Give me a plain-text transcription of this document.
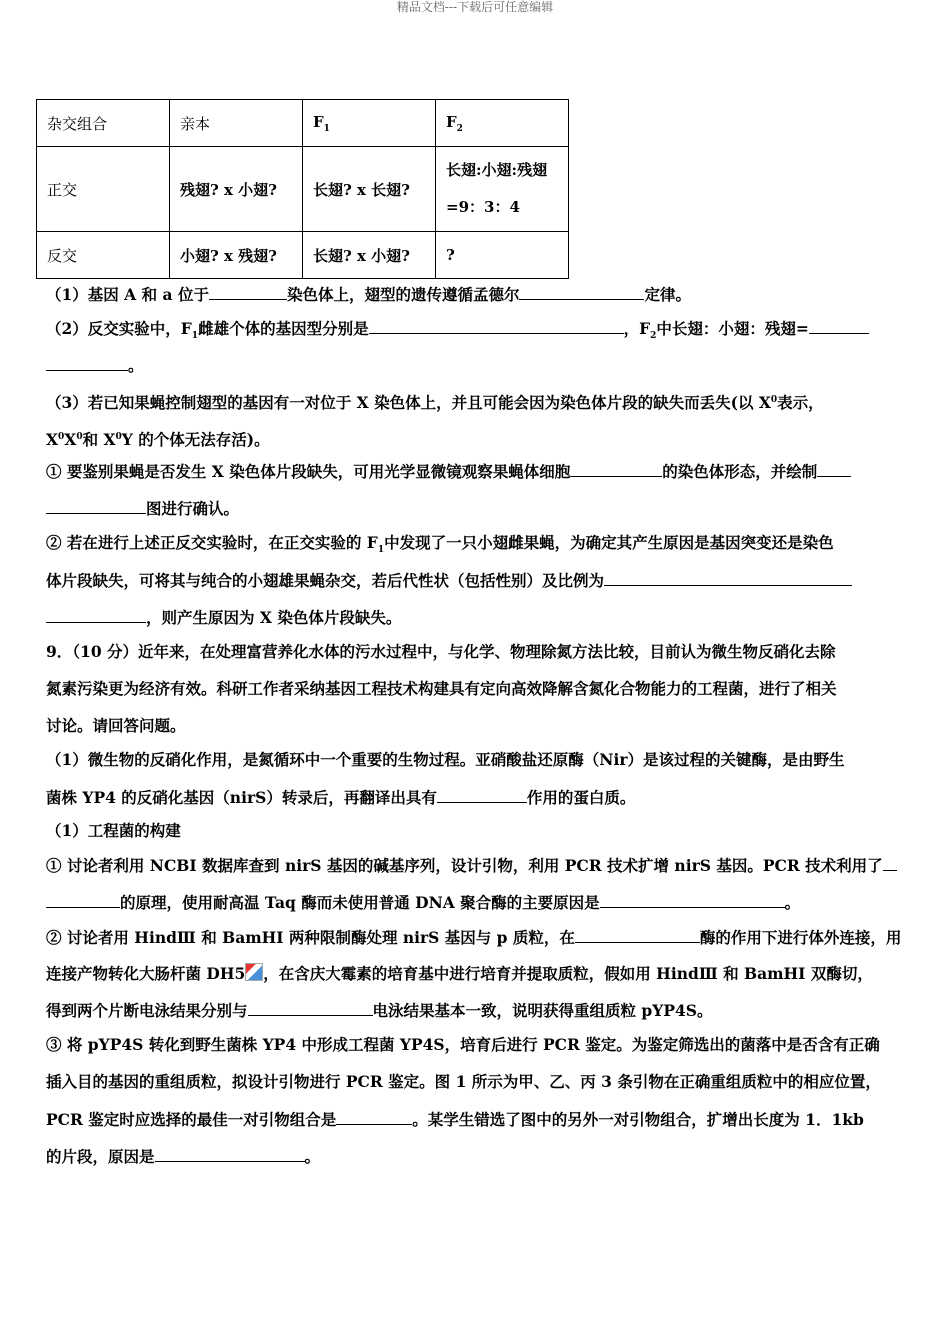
精品文档---下载后可任意编辑
杂交组合	亲本	$F_1$	$F_2$
正交	残翅? x 小翅?	长翅? x 长翅?	长翅:小翅:残翅
=9：3：4
反交	小翅? x 残翅?	长翅? x 小翅?	?
（1）基因 A 和 a 位于	染色体上，翅型的遗传遵循孟德尔	定律。
（2）反交实验中，$F_1$雌雄个体的基因型分别是	，$F_2$中长翅：小翅：残翅=
。
（3）若已知果蝇控制翅型的基因有一对位于 X 染色体上，并且可能会因为染色体片段的缺失而丢失(以 $X^0$表示，
$X^0X^0$和 $X^0Y$ 的个体无法存活)。
① 要鉴别果蝇是否发生 X 染色体片段缺失，可用光学显微镜观察果蝇体细胞	的染色体形态，并绘制
图进行确认。
② 若在进行上述正反交实验时，在正交实验的 $F_1$中发现了一只小翅雌果蝇，为确定其产生原因是基因突变还是染色
体片段缺失，可将其与纯合的小翅雄果蝇杂交，若后代性状（包括性别）及比例为
，则产生原因为 X 染色体片段缺失。
9．（10 分）近年来，在处理富营养化水体的污水过程中，与化学、物理除氮方法比较，目前认为微生物反硝化去除
氮素污染更为经济有效。科研工作者采纳基因工程技术构建具有定向高效降解含氮化合物能力的工程菌，进行了相关
讨论。请回答问题。
（1）微生物的反硝化作用，是氮循环中一个重要的生物过程。亚硝酸盐还原酶（Nir）是该过程的关键酶，是由野生
菌株 YP4 的反硝化基因（nirS）转录后，再翻译出具有	作用的蛋白质。
（1）工程菌的构建
① 讨论者利用 NCBI 数据库查到 nirS 基因的碱基序列，设计引物，利用 PCR 技术扩增 nirS 基因。PCR 技术利用了
的原理，使用耐高温 Taq 酶而未使用普通 DNA 聚合酶的主要原因是	。
② 讨论者用 HindⅢ 和 BamHI 两种限制酶处理 nirS 基因与 p 质粒，在	酶的作用下进行体外连接，用
连接产物转化大肠杆菌 DH5 ，在含庆大霉素的培育基中进行培育并提取质粒，假如用 HindⅢ 和 BamHI 双酶切，
得到两个片断电泳结果分别与	电泳结果基本一致，说明获得重组质粒 pYP4S。
③ 将 pYP4S 转化到野生菌株 YP4 中形成工程菌 YP4S，培育后进行 PCR 鉴定。为鉴定筛选出的菌落中是否含有正确
插入目的基因的重组质粒，拟设计引物进行 PCR 鉴定。图 1 所示为甲、乙、丙 3 条引物在正确重组质粒中的相应位置，
PCR 鉴定时应选择的最佳一对引物组合是	。某学生错选了图中的另外一对引物组合，扩增出长度为 1．1kb
的片段，原因是	。
